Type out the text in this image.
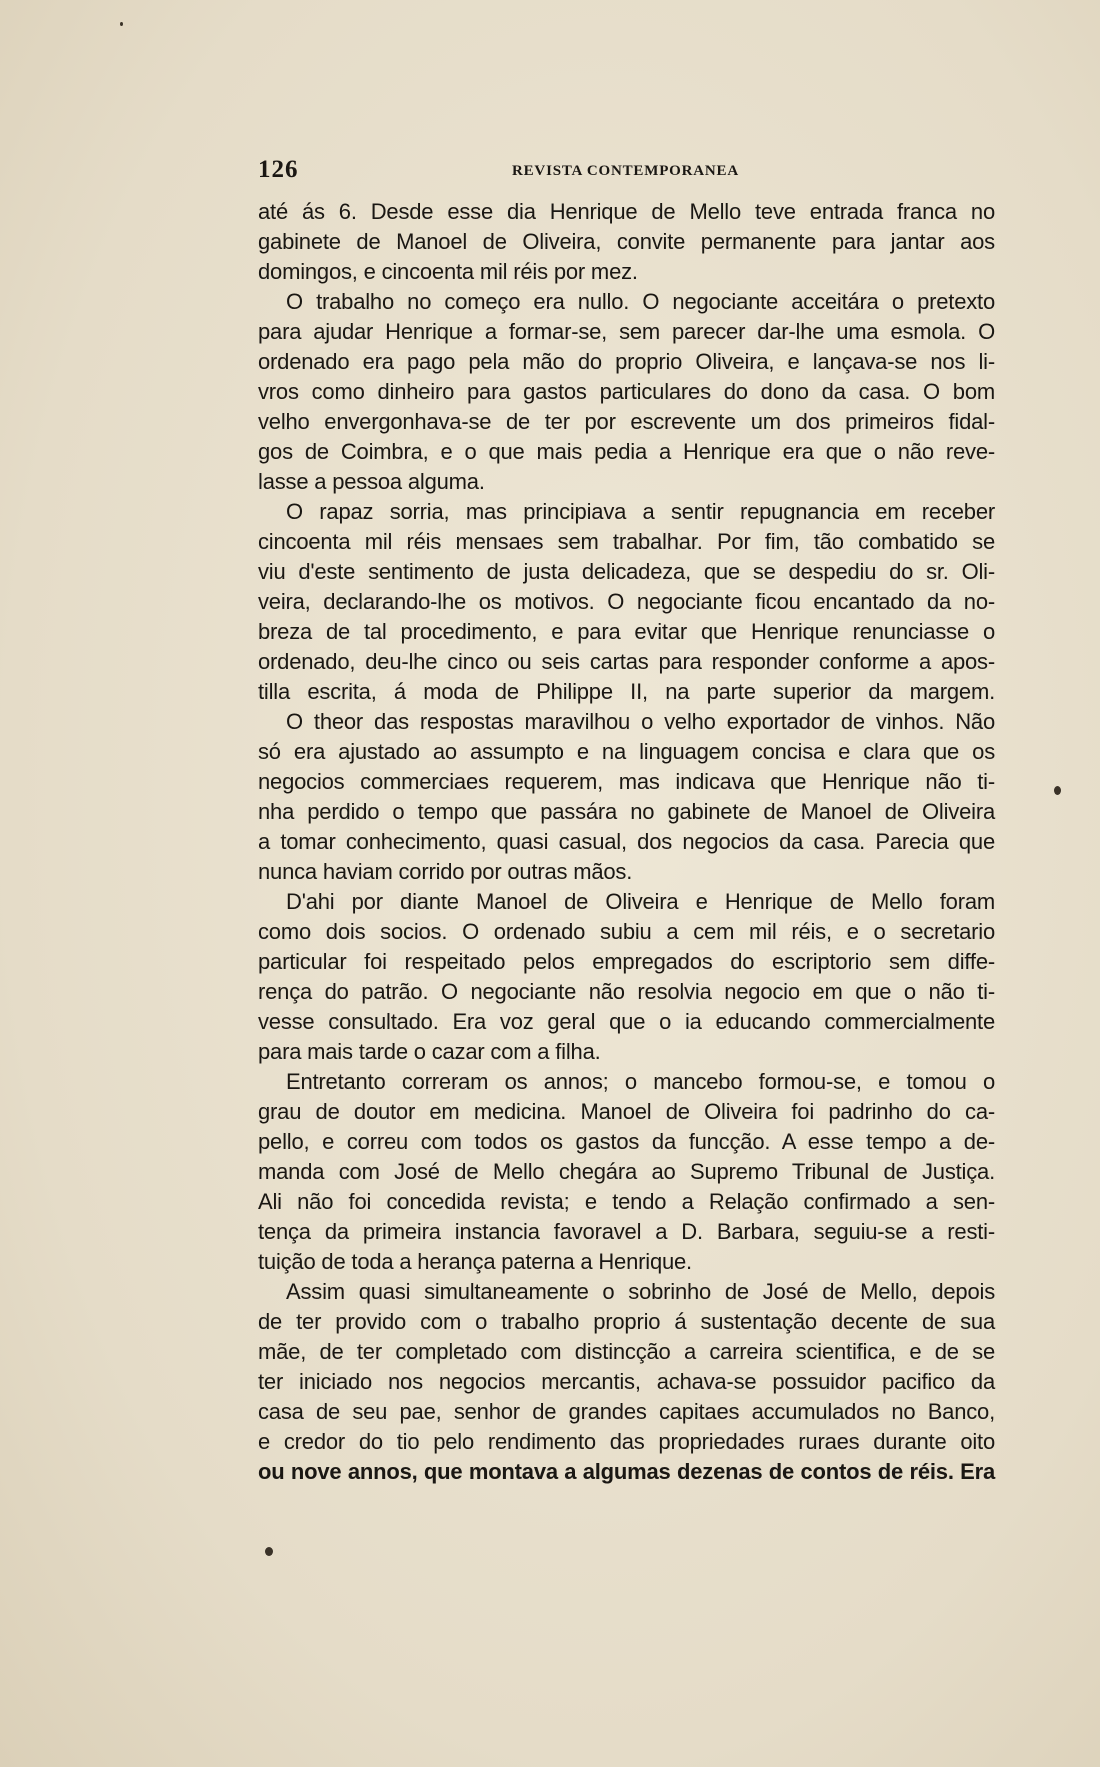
126	REVISTA CONTEMPORANEA
até ás 6. Desde esse dia Henrique de Mello teve entrada franca no
gabinete de Manoel de Oliveira, convite permanente para jantar aos
domingos, e cincoenta mil réis por mez.
O trabalho no começo era nullo. O negociante acceitára o pretexto
para ajudar Henrique a formar-se, sem parecer dar-lhe uma esmola. O
ordenado era pago pela mão do proprio Oliveira, e lançava-se nos li-
vros como dinheiro para gastos particulares do dono da casa. O bom
velho envergonhava-se de ter por escrevente um dos primeiros fidal-
gos de Coimbra, e o que mais pedia a Henrique era que o não reve-
lasse a pessoa alguma.
O rapaz sorria, mas principiava a sentir repugnancia em receber
cincoenta mil réis mensaes sem trabalhar. Por fim, tão combatido se
viu d'este sentimento de justa delicadeza, que se despediu do sr. Oli-
veira, declarando-lhe os motivos. O negociante ficou encantado da no-
breza de tal procedimento, e para evitar que Henrique renunciasse o
ordenado, deu-lhe cinco ou seis cartas para responder conforme a apos-
tilla escrita, á moda de Philippe II, na parte superior da margem.
O theor das respostas maravilhou o velho exportador de vinhos. Não
só era ajustado ao assumpto e na linguagem concisa e clara que os
negocios commerciaes requerem, mas indicava que Henrique não ti-
nha perdido o tempo que passára no gabinete de Manoel de Oliveira
a tomar conhecimento, quasi casual, dos negocios da casa. Parecia que
nunca haviam corrido por outras mãos.
D'ahi por diante Manoel de Oliveira e Henrique de Mello foram
como dois socios. O ordenado subiu a cem mil réis, e o secretario
particular foi respeitado pelos empregados do escriptorio sem diffe-
rença do patrão. O negociante não resolvia negocio em que o não ti-
vesse consultado. Era voz geral que o ia educando commercialmente
para mais tarde o cazar com a filha.
Entretanto correram os annos; o mancebo formou-se, e tomou o
grau de doutor em medicina. Manoel de Oliveira foi padrinho do ca-
pello, e correu com todos os gastos da funcção. A esse tempo a de-
manda com José de Mello chegára ao Supremo Tribunal de Justiça.
Ali não foi concedida revista; e tendo a Relação confirmado a sen-
tença da primeira instancia favoravel a D. Barbara, seguiu-se a resti-
tuição de toda a herança paterna a Henrique.
Assim quasi simultaneamente o sobrinho de José de Mello, depois
de ter provido com o trabalho proprio á sustentação decente de sua
mãe, de ter completado com distincção a carreira scientifica, e de se
ter iniciado nos negocios mercantis, achava-se possuidor pacifico da
casa de seu pae, senhor de grandes capitaes accumulados no Banco,
e credor do tio pelo rendimento das propriedades ruraes durante oito
ou nove annos, que montava a algumas dezenas de contos de réis. Era
